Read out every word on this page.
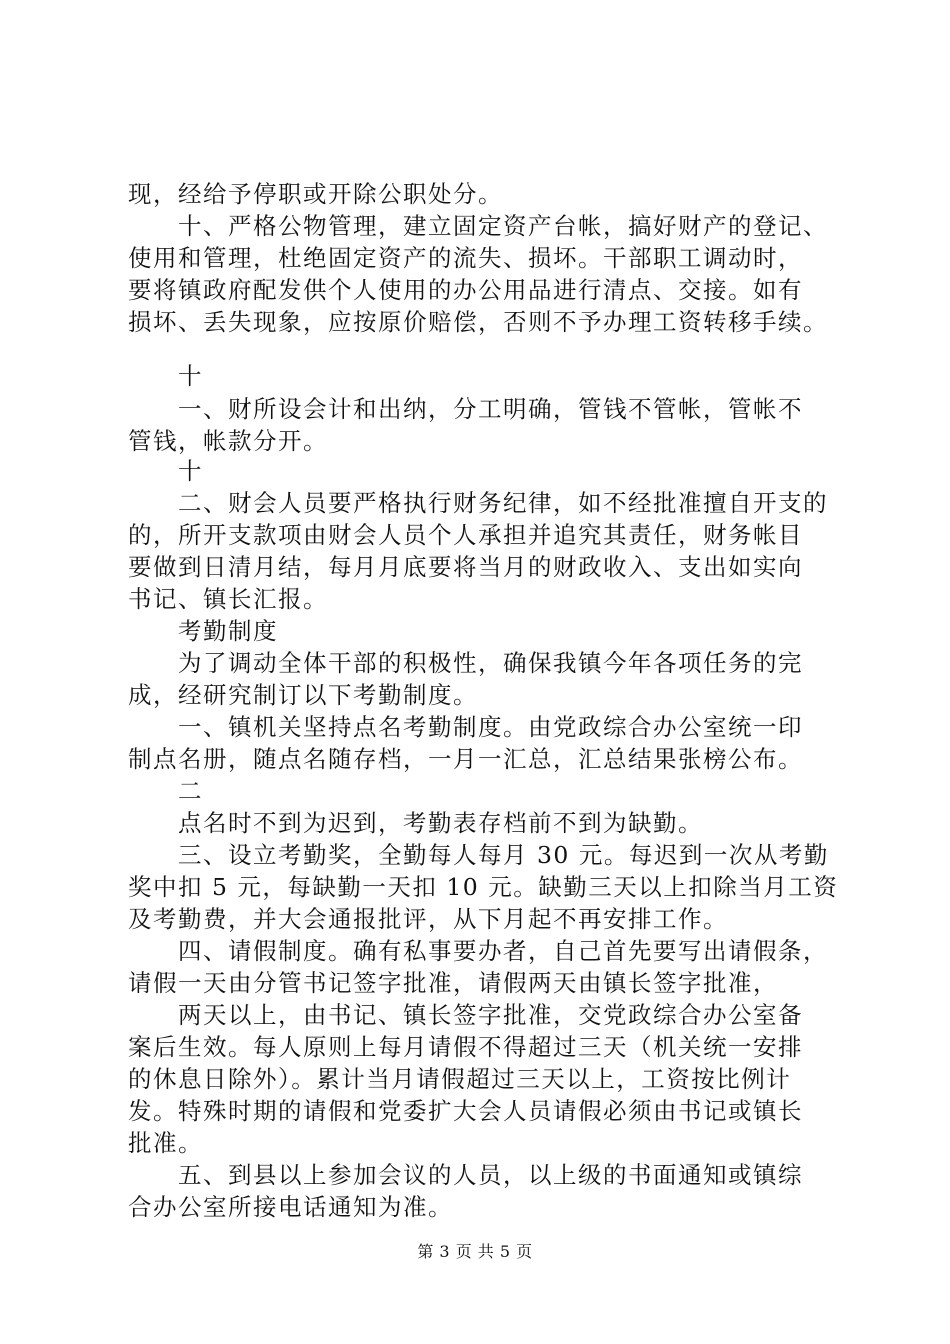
现，经给予停职或开除公职处分。
十、严格公物管理，建立固定资产台帐，搞好财产的登记、
使用和管理，杜绝固定资产的流失、损坏。干部职工调动时，
要将镇政府配发供个人使用的办公用品进行清点、交接。如有
损坏、丢失现象，应按原价赔偿，否则不予办理工资转移手续。
十
一、财所设会计和出纳，分工明确，管钱不管帐，管帐不
管钱，帐款分开。
十
二、财会人员要严格执行财务纪律，如不经批准擅自开支的
的，所开支款项由财会人员个人承担并追究其责任，财务帐目
要做到日清月结，每月月底要将当月的财政收入、支出如实向
书记、镇长汇报。
考勤制度
为了调动全体干部的积极性，确保我镇今年各项任务的完
成，经研究制订以下考勤制度。
一、镇机关坚持点名考勤制度。由党政综合办公室统一印
制点名册，随点名随存档，一月一汇总，汇总结果张榜公布。
二
点名时不到为迟到，考勤表存档前不到为缺勤。
三、设立考勤奖，全勤每人每月 30 元。每迟到一次从考勤
奖中扣 5 元，每缺勤一天扣 10 元。缺勤三天以上扣除当月工资
及考勤费，并大会通报批评，从下月起不再安排工作。
四、请假制度。确有私事要办者，自己首先要写出请假条，
请假一天由分管书记签字批准，请假两天由镇长签字批准，
两天以上，由书记、镇长签字批准，交党政综合办公室备
案后生效。每人原则上每月请假不得超过三天（机关统一安排
的休息日除外）。累计当月请假超过三天以上，工资按比例计
发。特殊时期的请假和党委扩大会人员请假必须由书记或镇长
批准。
五、到县以上参加会议的人员，以上级的书面通知或镇综
合办公室所接电话通知为准。
第 3 页 共 5 页
